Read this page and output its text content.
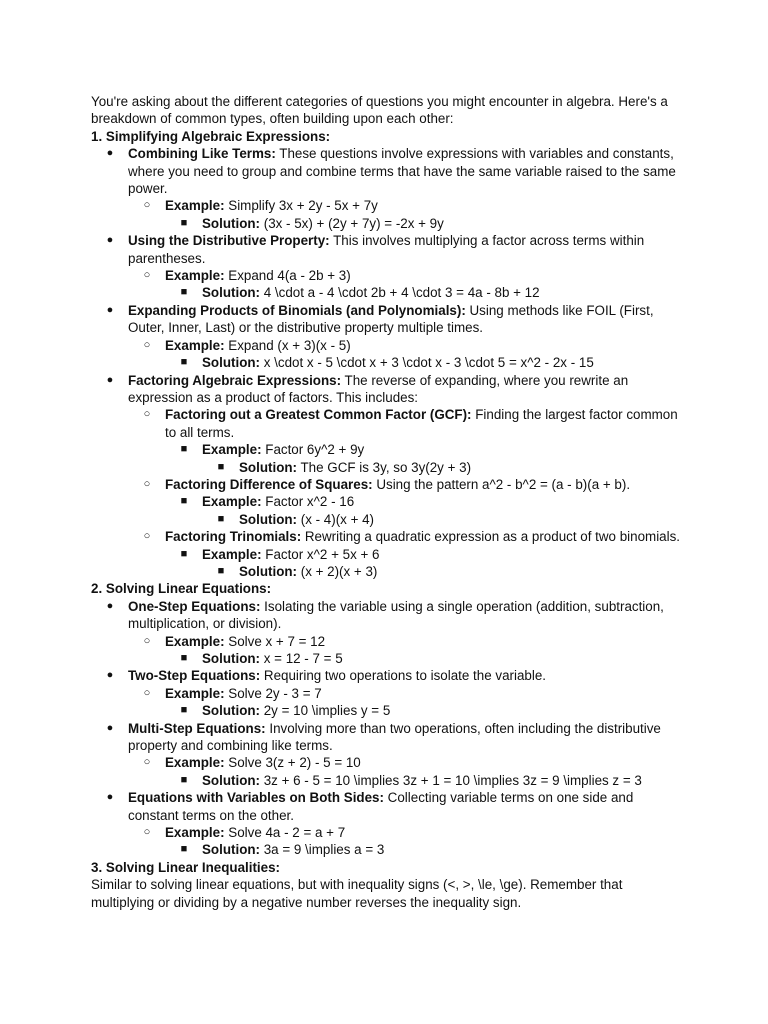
You're asking about the different categories of questions you might encounter in algebra. Here's a breakdown of common types, often building upon each other:

1. Simplifying Algebraic Expressions:

● Combining Like Terms: These questions involve expressions with variables and constants, where you need to group and combine terms that have the same variable raised to the same power.
○ Example: Simplify 3x + 2y - 5x + 7y
■ Solution: (3x - 5x) + (2y + 7y) = -2x + 9y
● Using the Distributive Property: This involves multiplying a factor across terms within parentheses.
○ Example: Expand 4(a - 2b + 3)
■ Solution: 4 \cdot a - 4 \cdot 2b + 4 \cdot 3 = 4a - 8b + 12
● Expanding Products of Binomials (and Polynomials): Using methods like FOIL (First, Outer, Inner, Last) or the distributive property multiple times.
○ Example: Expand (x + 3)(x - 5)
■ Solution: x \cdot x - 5 \cdot x + 3 \cdot x - 3 \cdot 5 = x^2 - 2x - 15
● Factoring Algebraic Expressions: The reverse of expanding, where you rewrite an expression as a product of factors. This includes:
○ Factoring out a Greatest Common Factor (GCF): Finding the largest factor common to all terms.
■ Example: Factor 6y^2 + 9y
■ Solution: The GCF is 3y, so 3y(2y + 3)
○ Factoring Difference of Squares: Using the pattern a^2 - b^2 = (a - b)(a + b).
■ Example: Factor x^2 - 16
■ Solution: (x - 4)(x + 4)
○ Factoring Trinomials: Rewriting a quadratic expression as a product of two binomials.
■ Example: Factor x^2 + 5x + 6
■ Solution: (x + 2)(x + 3)

2. Solving Linear Equations:

● One-Step Equations: Isolating the variable using a single operation (addition, subtraction, multiplication, or division).
○ Example: Solve x + 7 = 12
■ Solution: x = 12 - 7 = 5
● Two-Step Equations: Requiring two operations to isolate the variable.
○ Example: Solve 2y - 3 = 7
■ Solution: 2y = 10 \implies y = 5
● Multi-Step Equations: Involving more than two operations, often including the distributive property and combining like terms.
○ Example: Solve 3(z + 2) - 5 = 10
■ Solution: 3z + 6 - 5 = 10 \implies 3z + 1 = 10 \implies 3z = 9 \implies z = 3
● Equations with Variables on Both Sides: Collecting variable terms on one side and constant terms on the other.
○ Example: Solve 4a - 2 = a + 7
■ Solution: 3a = 9 \implies a = 3

3. Solving Linear Inequalities:

Similar to solving linear equations, but with inequality signs (<, >, \le, \ge). Remember that multiplying or dividing by a negative number reverses the inequality sign.
